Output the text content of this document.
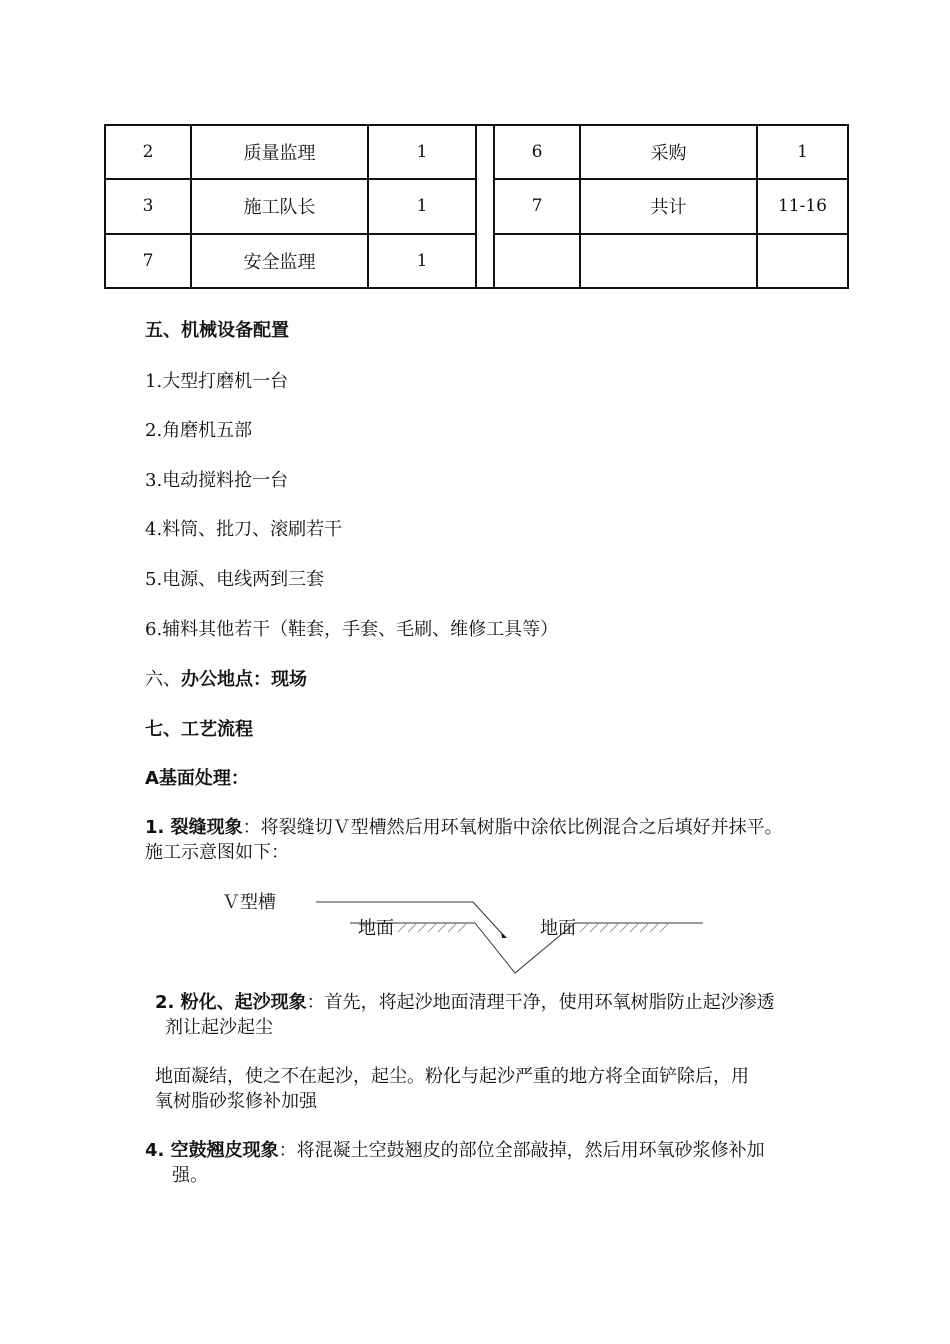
2	质量监理	1		6	采购	1
3	施工队长	1		7	共计	11-16
7	安全监理	1				
五、机械设备配置
1.大型打磨机一台
2.角磨机五部
3.电动搅料抢一台
4.料筒、批刀、滚刷若干
5.电源、电线两到三套
6.辅料其他若干（鞋套，手套、毛刷、维修工具等）
六、办公地点：现场
七、工艺流程
A基面处理：
1. 裂缝现象：将裂缝切Ｖ型槽然后用环氧树脂中涂依比例混合之后填好并抹平。
施工示意图如下：
Ｖ型槽
地面	地面
2. 粉化、起沙现象：首先，将起沙地面清理干净，使用环氧树脂防止起沙渗透
剂让起沙起尘
地面凝结，使之不在起沙，起尘。粉化与起沙严重的地方将全面铲除后，用
氧树脂砂浆修补加强
4. 空鼓翘皮现象：将混凝土空鼓翘皮的部位全部敲掉，然后用环氧砂浆修补加
强。
